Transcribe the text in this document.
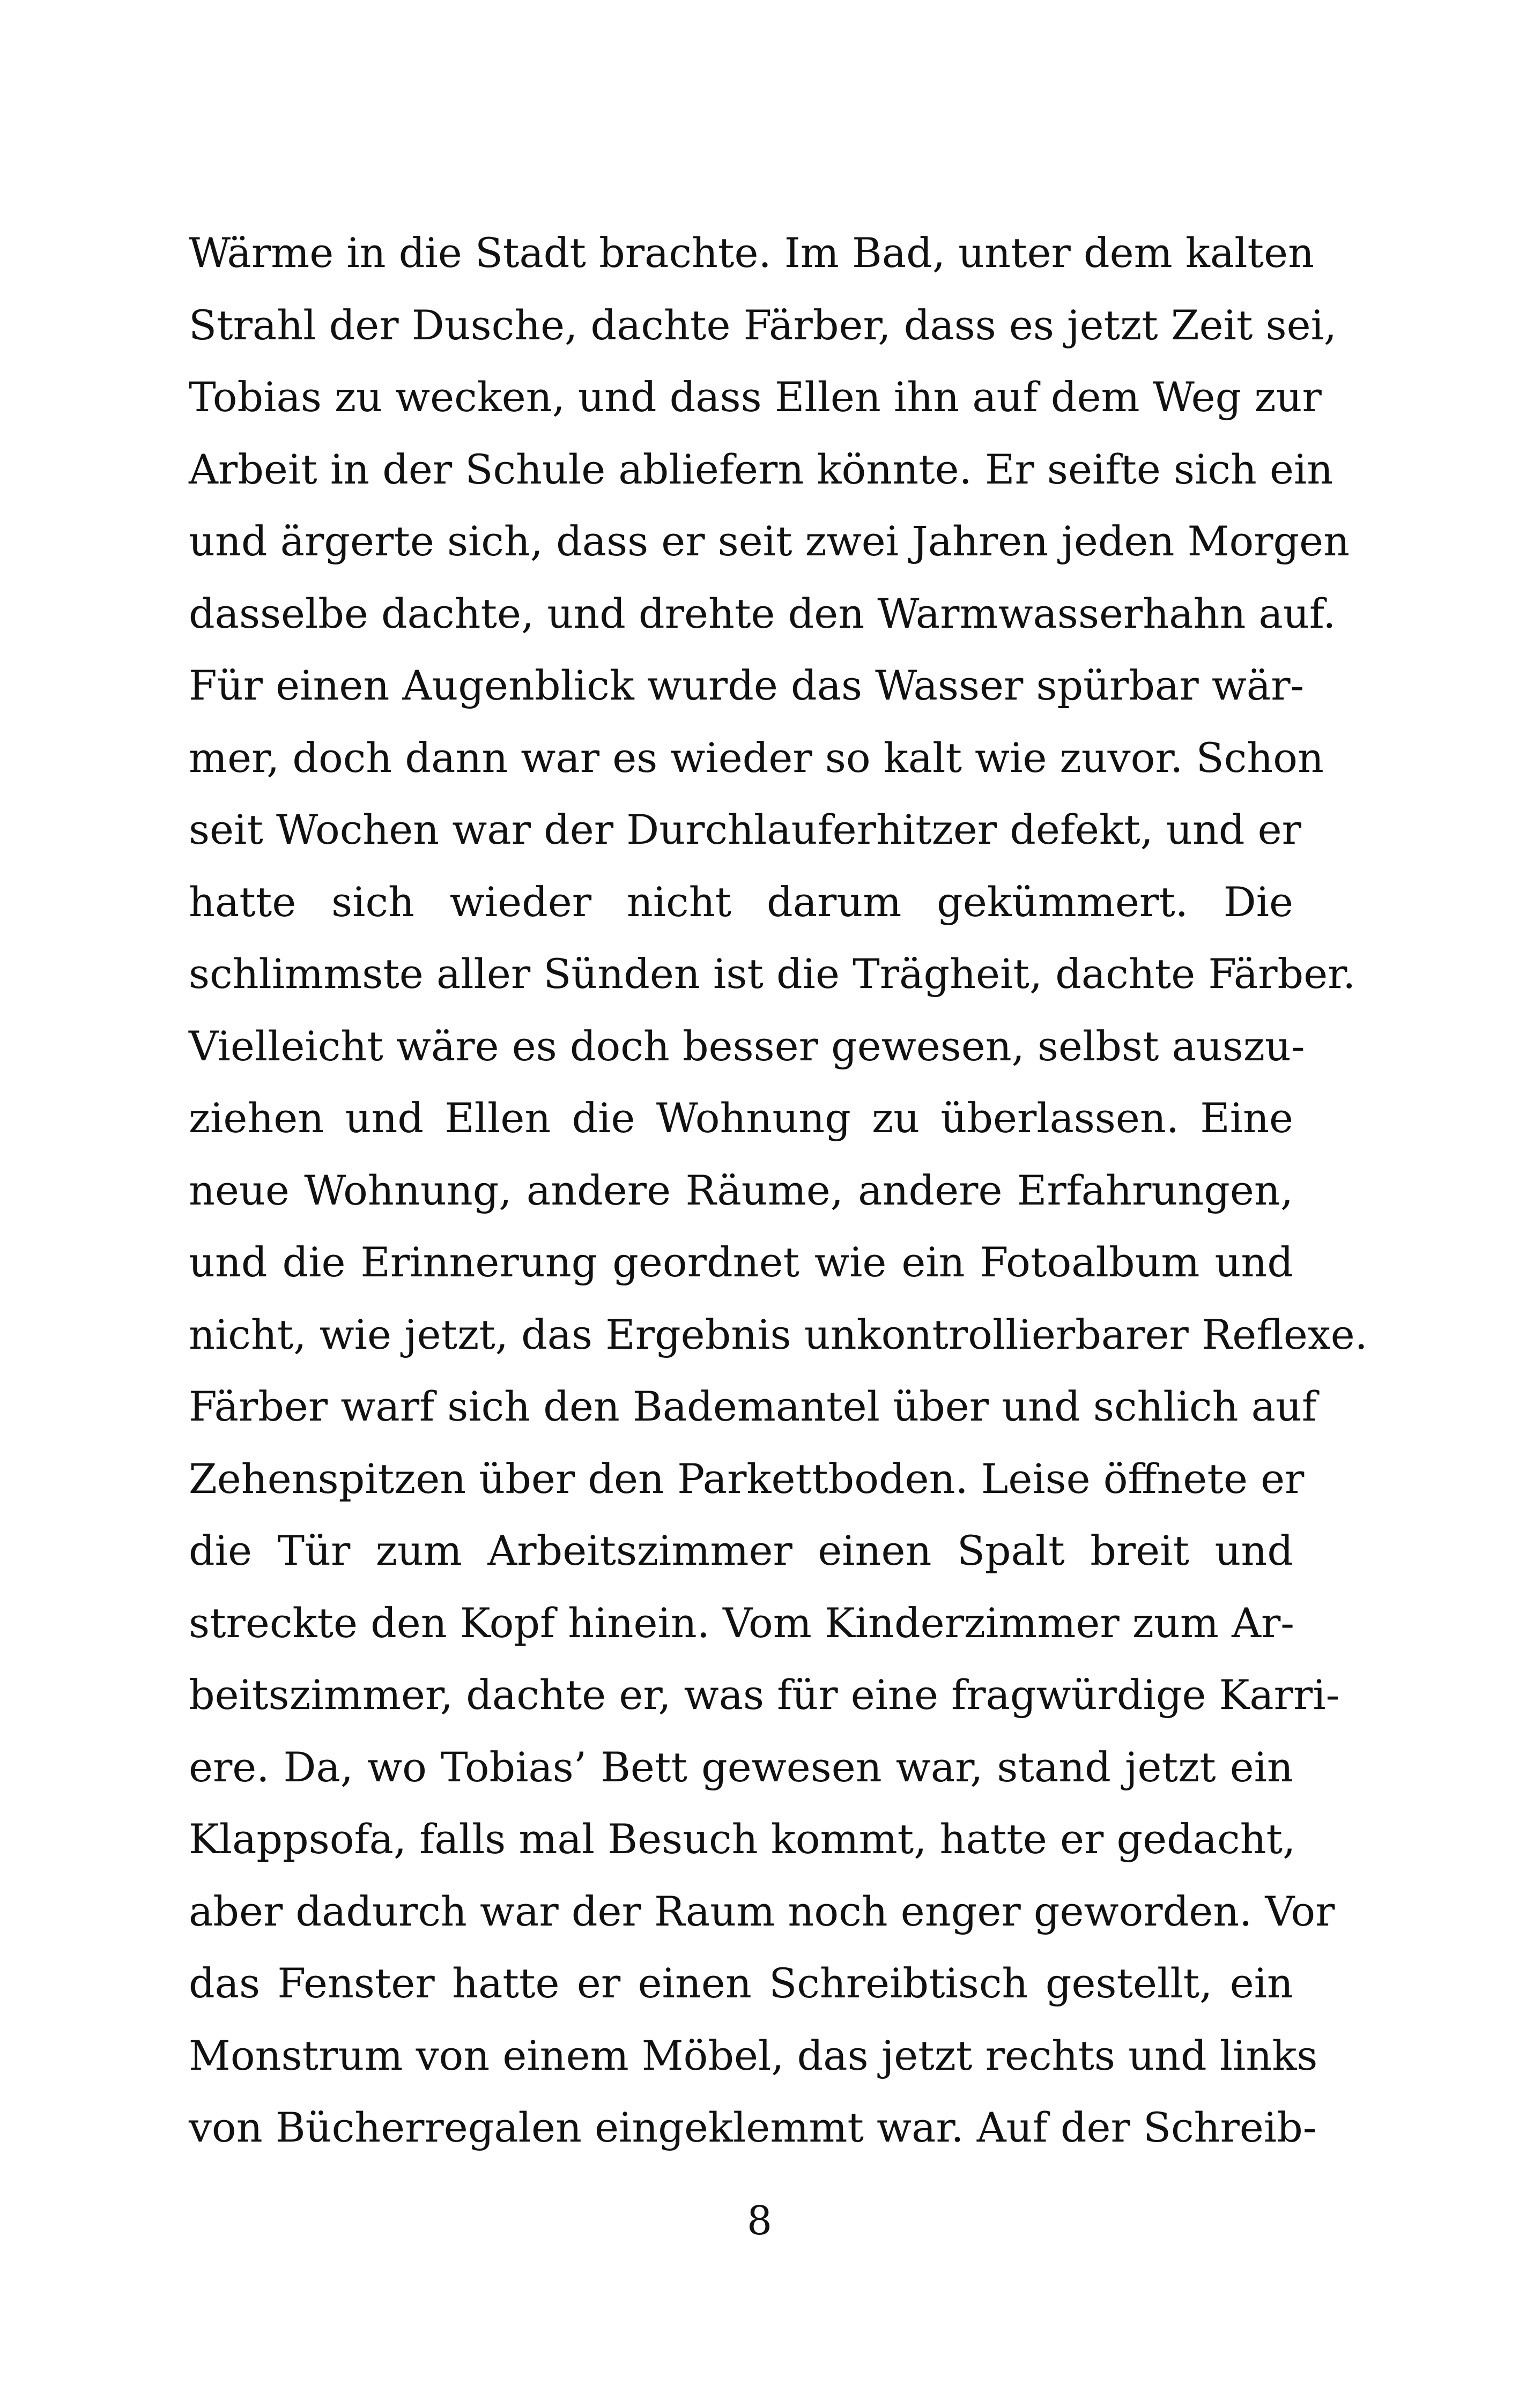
Wärme in die Stadt brachte. Im Bad, unter dem kalten
Strahl der Dusche, dachte Färber, dass es jetzt Zeit sei,
Tobias zu wecken, und dass Ellen ihn auf dem Weg zur
Arbeit in der Schule abliefern könnte. Er seifte sich ein
und ärgerte sich, dass er seit zwei Jahren jeden Morgen
dasselbe dachte, und drehte den Warmwasserhahn auf.
Für einen Augenblick wurde das Wasser spürbar wär-
mer, doch dann war es wieder so kalt wie zuvor. Schon
seit Wochen war der Durchlauferhitzer defekt, und er
hatte sich wieder nicht darum gekümmert. Die
schlimmste aller Sünden ist die Trägheit, dachte Färber.
Vielleicht wäre es doch besser gewesen, selbst auszu-
ziehen und Ellen die Wohnung zu überlassen. Eine
neue Wohnung, andere Räume, andere Erfahrungen,
und die Erinnerung geordnet wie ein Fotoalbum und
nicht, wie jetzt, das Ergebnis unkontrollierbarer Reflexe.
Färber warf sich den Bademantel über und schlich auf
Zehenspitzen über den Parkettboden. Leise öffnete er
die Tür zum Arbeitszimmer einen Spalt breit und
streckte den Kopf hinein. Vom Kinderzimmer zum Ar-
beitszimmer, dachte er, was für eine fragwürdige Karri-
ere. Da, wo Tobias’ Bett gewesen war, stand jetzt ein
Klappsofa, falls mal Besuch kommt, hatte er gedacht,
aber dadurch war der Raum noch enger geworden. Vor
das Fenster hatte er einen Schreibtisch gestellt, ein
Monstrum von einem Möbel, das jetzt rechts und links
von Bücherregalen eingeklemmt war. Auf der Schreib-
8
